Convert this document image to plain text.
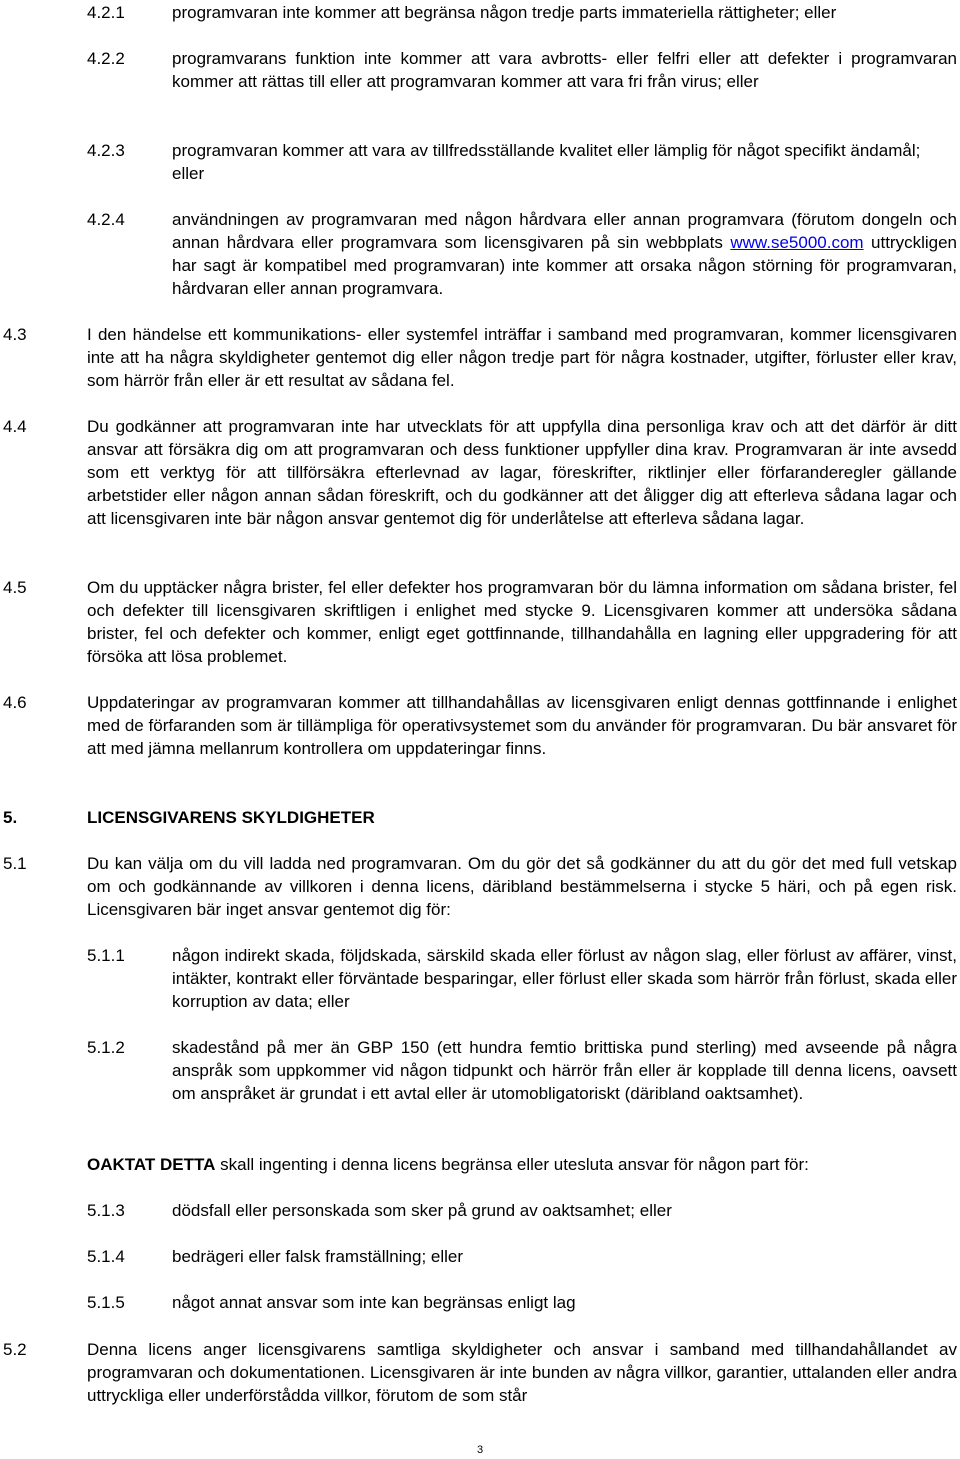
4.2.1	programvaran inte kommer att begränsa någon tredje parts immateriella rättigheter; eller
4.2.2	programvarans funktion inte kommer att vara avbrotts- eller felfri eller att defekter i programvaran kommer att rättas till eller att programvaran kommer att vara fri från virus; eller
4.2.3	programvaran kommer att vara av tillfredsställande kvalitet eller lämplig för något specifikt ändamål; eller
4.2.4	användningen av programvaran med någon hårdvara eller annan programvara (förutom dongeln och annan hårdvara eller programvara som licensgivaren på sin webbplats www.se5000.com uttryckligen har sagt är kompatibel med programvaran) inte kommer att orsaka någon störning för programvaran, hårdvaran eller annan programvara.
4.3	I den händelse ett kommunikations- eller systemfel inträffar i samband med programvaran, kommer licensgivaren inte att ha några skyldigheter gentemot dig eller någon tredje part för några kostnader, utgifter, förluster eller krav, som härrör från eller är ett resultat av sådana fel.
4.4	Du godkänner att programvaran inte har utvecklats för att uppfylla dina personliga krav och att det därför är ditt ansvar att försäkra dig om att programvaran och dess funktioner uppfyller dina krav. Programvaran är inte avsedd som ett verktyg för att tillförsäkra efterlevnad av lagar, föreskrifter, riktlinjer eller förfaranderegler gällande arbetstider eller någon annan sådan föreskrift, och du godkänner att det åligger dig att efterleva sådana lagar och att licensgivaren inte bär någon ansvar gentemot dig för underlåtelse att efterleva sådana lagar.
4.5	Om du upptäcker några brister, fel eller defekter hos programvaran bör du lämna information om sådana brister, fel och defekter till licensgivaren skriftligen i enlighet med stycke 9. Licensgivaren kommer att undersöka sådana brister, fel och defekter och kommer, enligt eget gottfinnande, tillhandahålla en lagning eller uppgradering för att försöka att lösa problemet.
4.6	Uppdateringar av programvaran kommer att tillhandahållas av licensgivaren enligt dennas gottfinnande i enlighet med de förfaranden som är tillämpliga för operativsystemet som du använder för programvaran. Du bär ansvaret för att med jämna mellanrum kontrollera om uppdateringar finns.
5.	LICENSGIVARENS SKYLDIGHETER
5.1	Du kan välja om du vill ladda ned programvaran. Om du gör det så godkänner du att du gör det med full vetskap om och godkännande av villkoren i denna licens, däribland bestämmelserna i stycke 5 häri, och på egen risk. Licensgivaren bär inget ansvar gentemot dig för:
5.1.1	någon indirekt skada, följdskada, särskild skada eller förlust av någon slag, eller förlust av affärer, vinst, intäkter, kontrakt eller förväntade besparingar, eller förlust eller skada som härrör från förlust, skada eller korruption av data; eller
5.1.2	skadestånd på mer än GBP 150 (ett hundra femtio brittiska pund sterling) med avseende på några anspråk som uppkommer vid någon tidpunkt och härrör från eller är kopplade till denna licens, oavsett om anspråket är grundat i ett avtal eller är utomobligatoriskt (däribland oaktsamhet).
OAKTAT DETTA skall ingenting i denna licens begränsa eller utesluta ansvar för någon part för:
5.1.3	dödsfall eller personskada som sker på grund av oaktsamhet; eller
5.1.4	bedrägeri eller falsk framställning; eller
5.1.5	något annat ansvar som inte kan begränsas enligt lag
5.2	Denna licens anger licensgivarens samtliga skyldigheter och ansvar i samband med tillhandahållandet av programvaran och dokumentationen. Licensgivaren är inte bunden av några villkor, garantier, uttalanden eller andra uttryckliga eller underförstådda villkor, förutom de som står
3
